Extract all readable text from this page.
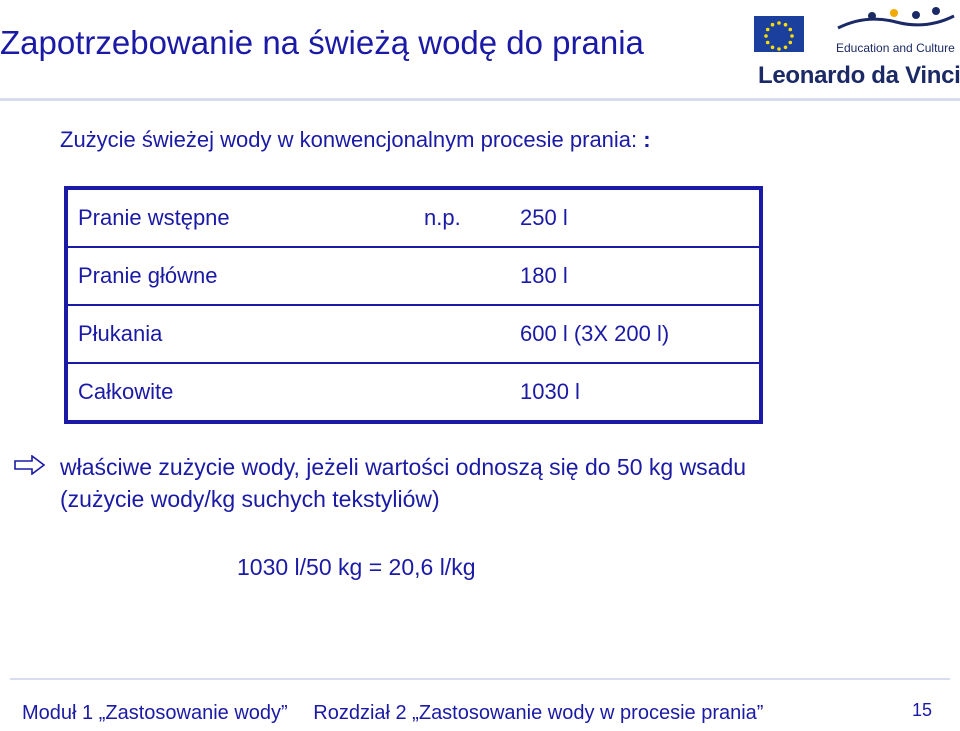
Zapotrzebowanie na świeżą wodę do prania	Education and Culture
Leonardo da Vinci
Zużycie świeżej wody w konwencjonalnym procesie prania: :
Pranie wstępne	n.p.	250 l
Pranie główne		180 l
Płukania		600 l (3X 200 l)
Całkowite		1030 l
właściwe zużycie wody, jeżeli wartości odnoszą się do 50 kg wsadu
(zużycie wody/kg suchych tekstyliów)
1030 l/50 kg = 20,6 l/kg
Moduł 1 „Zastosowanie wody” Rozdział 2 „Zastosowanie wody w procesie prania”	15
